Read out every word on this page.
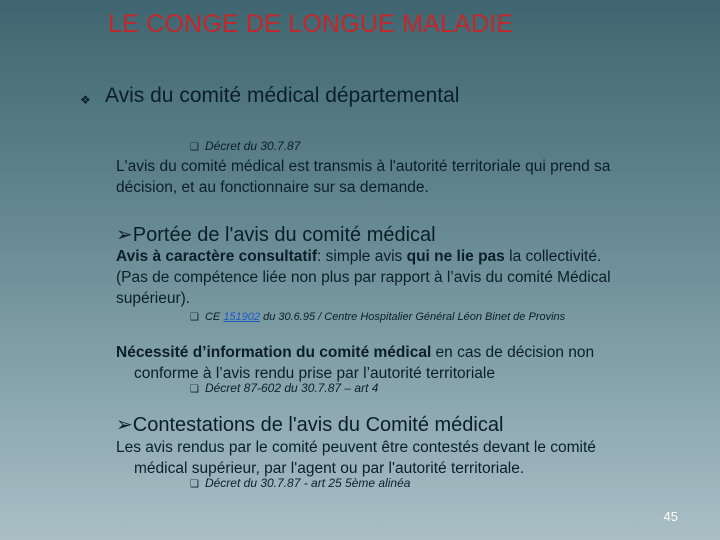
LE CONGE DE LONGUE MALADIE
❖ Avis du comité médical départemental
❑ Décret du 30.7.87
L'avis du comité médical est transmis à l'autorité territoriale qui prend sa
décision, et au fonctionnaire sur sa demande.
➢Portée de l'avis du comité médical
Avis à caractère consultatif: simple avis qui ne lie pas la collectivité.
(Pas de compétence liée non plus par rapport à l’avis du comité Médical
supérieur).
❑ CE 151902 du 30.6.95 / Centre Hospitalier Général Léon Binet de Provins
Nécessité d’information du comité médical en cas de décision non
conforme à l’avis rendu prise par l’autorité territoriale
❑ Décret 87-602 du 30.7.87 – art 4
➢Contestations de l'avis du Comité médical
Les avis rendus par le comité peuvent être contestés devant le comité
médical supérieur, par l'agent ou par l'autorité territoriale.
❑ Décret du 30.7.87 - art 25 5ème alinéa
45
